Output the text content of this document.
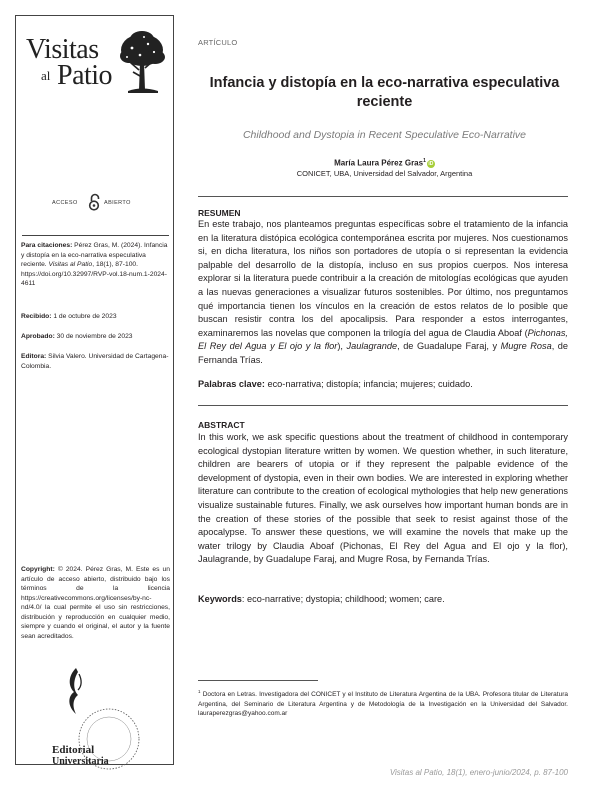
Visitas
al Patio
ACCESO	ABIERTO
Para citaciones: Pérez Gras, M. (2024). Infancia y distopía en la eco-narrativa especulativa reciente. Visitas al Patio, 18(1), 87-100. https://doi.org/10.32997/RVP-vol.18-num.1-2024-4611
Recibido: 1 de octubre de 2023
Aprobado: 30 de noviembre de 2023
Editora: Silvia Valero. Universidad de Cartagena-Colombia.
Copyright: © 2024. Pérez Gras, M. Este es un artículo de acceso abierto, distribuido bajo los términos de la licencia https://creativecommons.org/licenses/by-nc-nd/4.0/ la cual permite el uso sin restricciones, distribución y reproducción en cualquier medio, siempre y cuando el original, el autor y la fuente sean acreditados.
Editorial
Universitaria
ARTÍCULO
Infancia y distopía en la eco-narrativa especulativa reciente
Childhood and Dystopia in Recent Speculative Eco-Narrative
María Laura Pérez Gras$^1$ iD
CONICET, UBA, Universidad del Salvador, Argentina
RESUMEN
En este trabajo, nos planteamos preguntas específicas sobre el tratamiento de la infancia en la literatura distópica ecológica contemporánea escrita por mujeres. Nos cuestionamos si, en dicha literatura, los niños son portadores de utopía o si representan la evidencia palpable del desarrollo de la distopía, incluso en sus propios cuerpos. Nos interesa explorar si la literatura puede contribuir a la creación de mitologías ecológicas que ayuden a las nuevas generaciones a visualizar futuros sostenibles. Por último, nos preguntamos qué importancia tienen los vínculos en la creación de estos relatos de lo posible que buscan resistir contra los del apocalipsis. Para responder a estos interrogantes, examinaremos las novelas que componen la trilogía del agua de Claudia Aboaf (Pichonas, El Rey del Agua y El ojo y la flor), Jaulagrande, de Guadalupe Faraj, y Mugre Rosa, de Fernanda Trías.
Palabras clave: eco-narrativa; distopía; infancia; mujeres; cuidado.
ABSTRACT
In this work, we ask specific questions about the treatment of childhood in contemporary ecological dystopian literature written by women. We question whether, in such literature, children are bearers of utopia or if they represent the palpable evidence of the development of dystopia, even in their own bodies. We are interested in exploring whether literature can contribute to the creation of ecological mythologies that help new generations visualize sustainable futures. Finally, we ask ourselves how important human bonds are in the creation of these stories of the possible that seek to resist against those of the apocalypse. To answer these questions, we will examine the novels that make up the water trilogy by Claudia Aboaf (Pichonas, El Rey del Agua and El ojo y la flor), Jaulagrande, by Guadalupe Faraj, and Mugre Rosa, by Fernanda Trías.
Keywords: eco-narrative; dystopia; childhood; women; care.
$^1$ Doctora en Letras. Investigadora del CONICET y el Instituto de Literatura Argentina de la UBA. Profesora titular de Literatura Argentina, del Seminario de Literatura Argentina y de Metodología de la Investigación en la Universidad del Salvador. lauraperezgras@yahoo.com.ar
Visitas al Patio, 18(1), enero-junio/2024, p. 87-100
